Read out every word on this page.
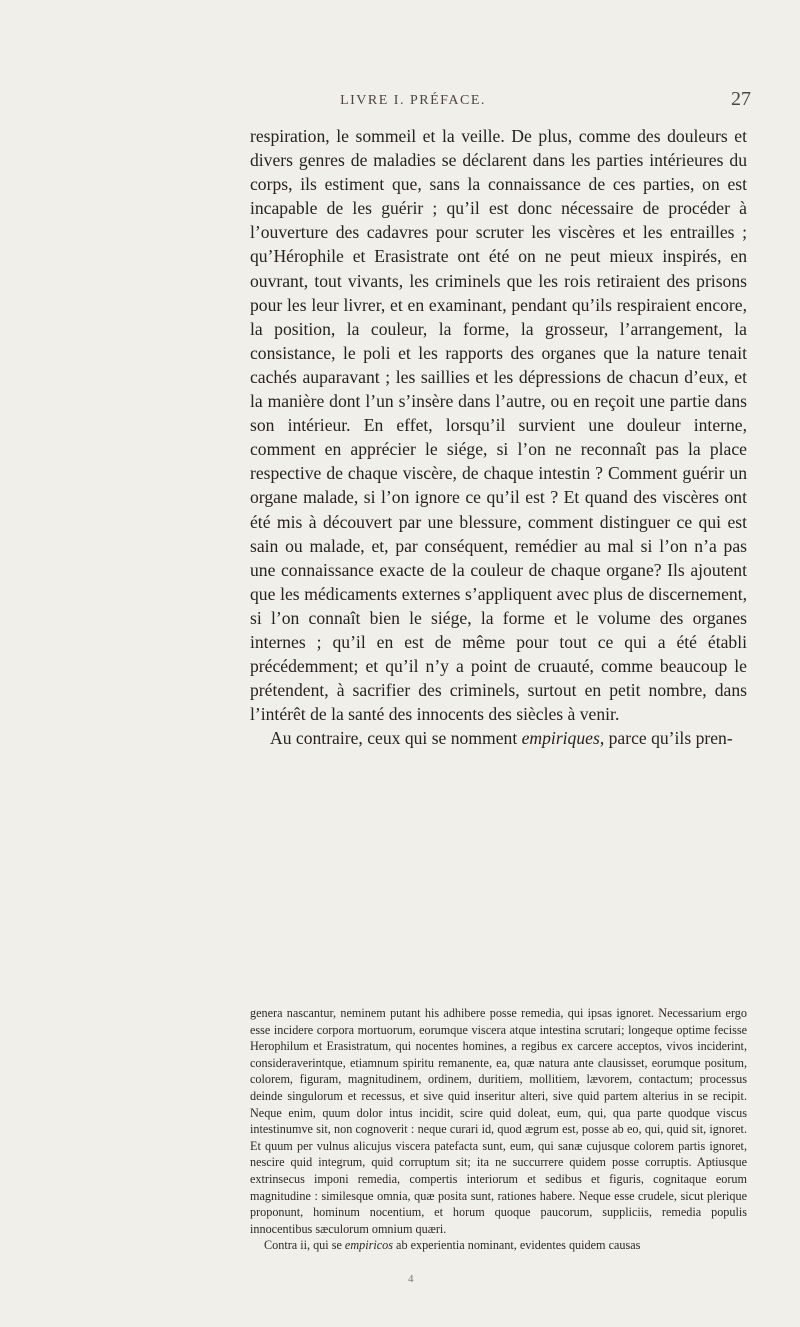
LIVRE I. PRÉFACE.	27

respiration, le sommeil et la veille. De plus, comme des douleurs et divers genres de maladies se déclarent dans les parties intérieures du corps, ils estiment que, sans la connaissance de ces parties, on est incapable de les guérir ; qu’il est donc nécessaire de procéder à l’ouverture des cadavres pour scruter les viscères et les entrailles ; qu’Hérophile et Erasistrate ont été on ne peut mieux inspirés, en ouvrant, tout vivants, les criminels que les rois retiraient des prisons pour les leur livrer, et en examinant, pendant qu’ils respiraient encore, la position, la couleur, la forme, la grosseur, l’arrangement, la consistance, le poli et les rapports des organes que la nature tenait cachés auparavant ; les saillies et les dépressions de chacun d’eux, et la manière dont l’un s’insère dans l’autre, ou en reçoit une partie dans son intérieur. En effet, lorsqu’il survient une douleur interne, comment en apprécier le siége, si l’on ne reconnaît pas la place respective de chaque viscère, de chaque intestin ? Comment guérir un organe malade, si l’on ignore ce qu’il est ? Et quand des viscères ont été mis à découvert par une blessure, comment distinguer ce qui est sain ou malade, et, par conséquent, remédier au mal si l’on n’a pas une connaissance exacte de la couleur de chaque organe? Ils ajoutent que les médicaments externes s’appliquent avec plus de discernement, si l’on connaît bien le siége, la forme et le volume des organes internes ; qu’il en est de même pour tout ce qui a été établi précédemment; et qu’il n’y a point de cruauté, comme beaucoup le prétendent, à sacrifier des criminels, surtout en petit nombre, dans l’intérêt de la santé des innocents des siècles à venir.

Au contraire, ceux qui se nomment empiriques, parce qu’ils pren-

genera nascantur, neminem putant his adhibere posse remedia, qui ipsas ignoret. Necessarium ergo esse incidere corpora mortuorum, eorumque viscera atque intestina scrutari; longeque optime fecisse Herophilum et Erasistratum, qui nocentes homines, a regibus ex carcere acceptos, vivos inciderint, consideraverintque, etiamnum spiritu remanente, ea, quæ natura ante clausisset, eorumque positum, colorem, figuram, magnitudinem, ordinem, duritiem, mollitiem, lævorem, contactum; processus deinde singulorum et recessus, et sive quid inseritur alteri, sive quid partem alterius in se recipit. Neque enim, quum dolor intus incidit, scire quid doleat, eum, qui, qua parte quodque viscus intestinumve sit, non cognoverit : neque curari id, quod ægrum est, posse ab eo, qui, quid sit, ignoret. Et quum per vulnus alicujus viscera patefacta sunt, eum, qui sanæ cujusque colorem partis ignoret, nescire quid integrum, quid corruptum sit; ita ne succurrere quidem posse corruptis. Aptiusque extrinsecus imponi remedia, compertis interiorum et sedibus et figuris, cognitaque eorum magnitudine : similesque omnia, quæ posita sunt, rationes habere. Neque esse crudele, sicut plerique proponunt, hominum nocentium, et horum quoque paucorum, suppliciis, remedia populis innocentibus sæculorum omnium quæri.

Contra ii, qui se empiricos ab experientia nominant, evidentes quidem causas

4
